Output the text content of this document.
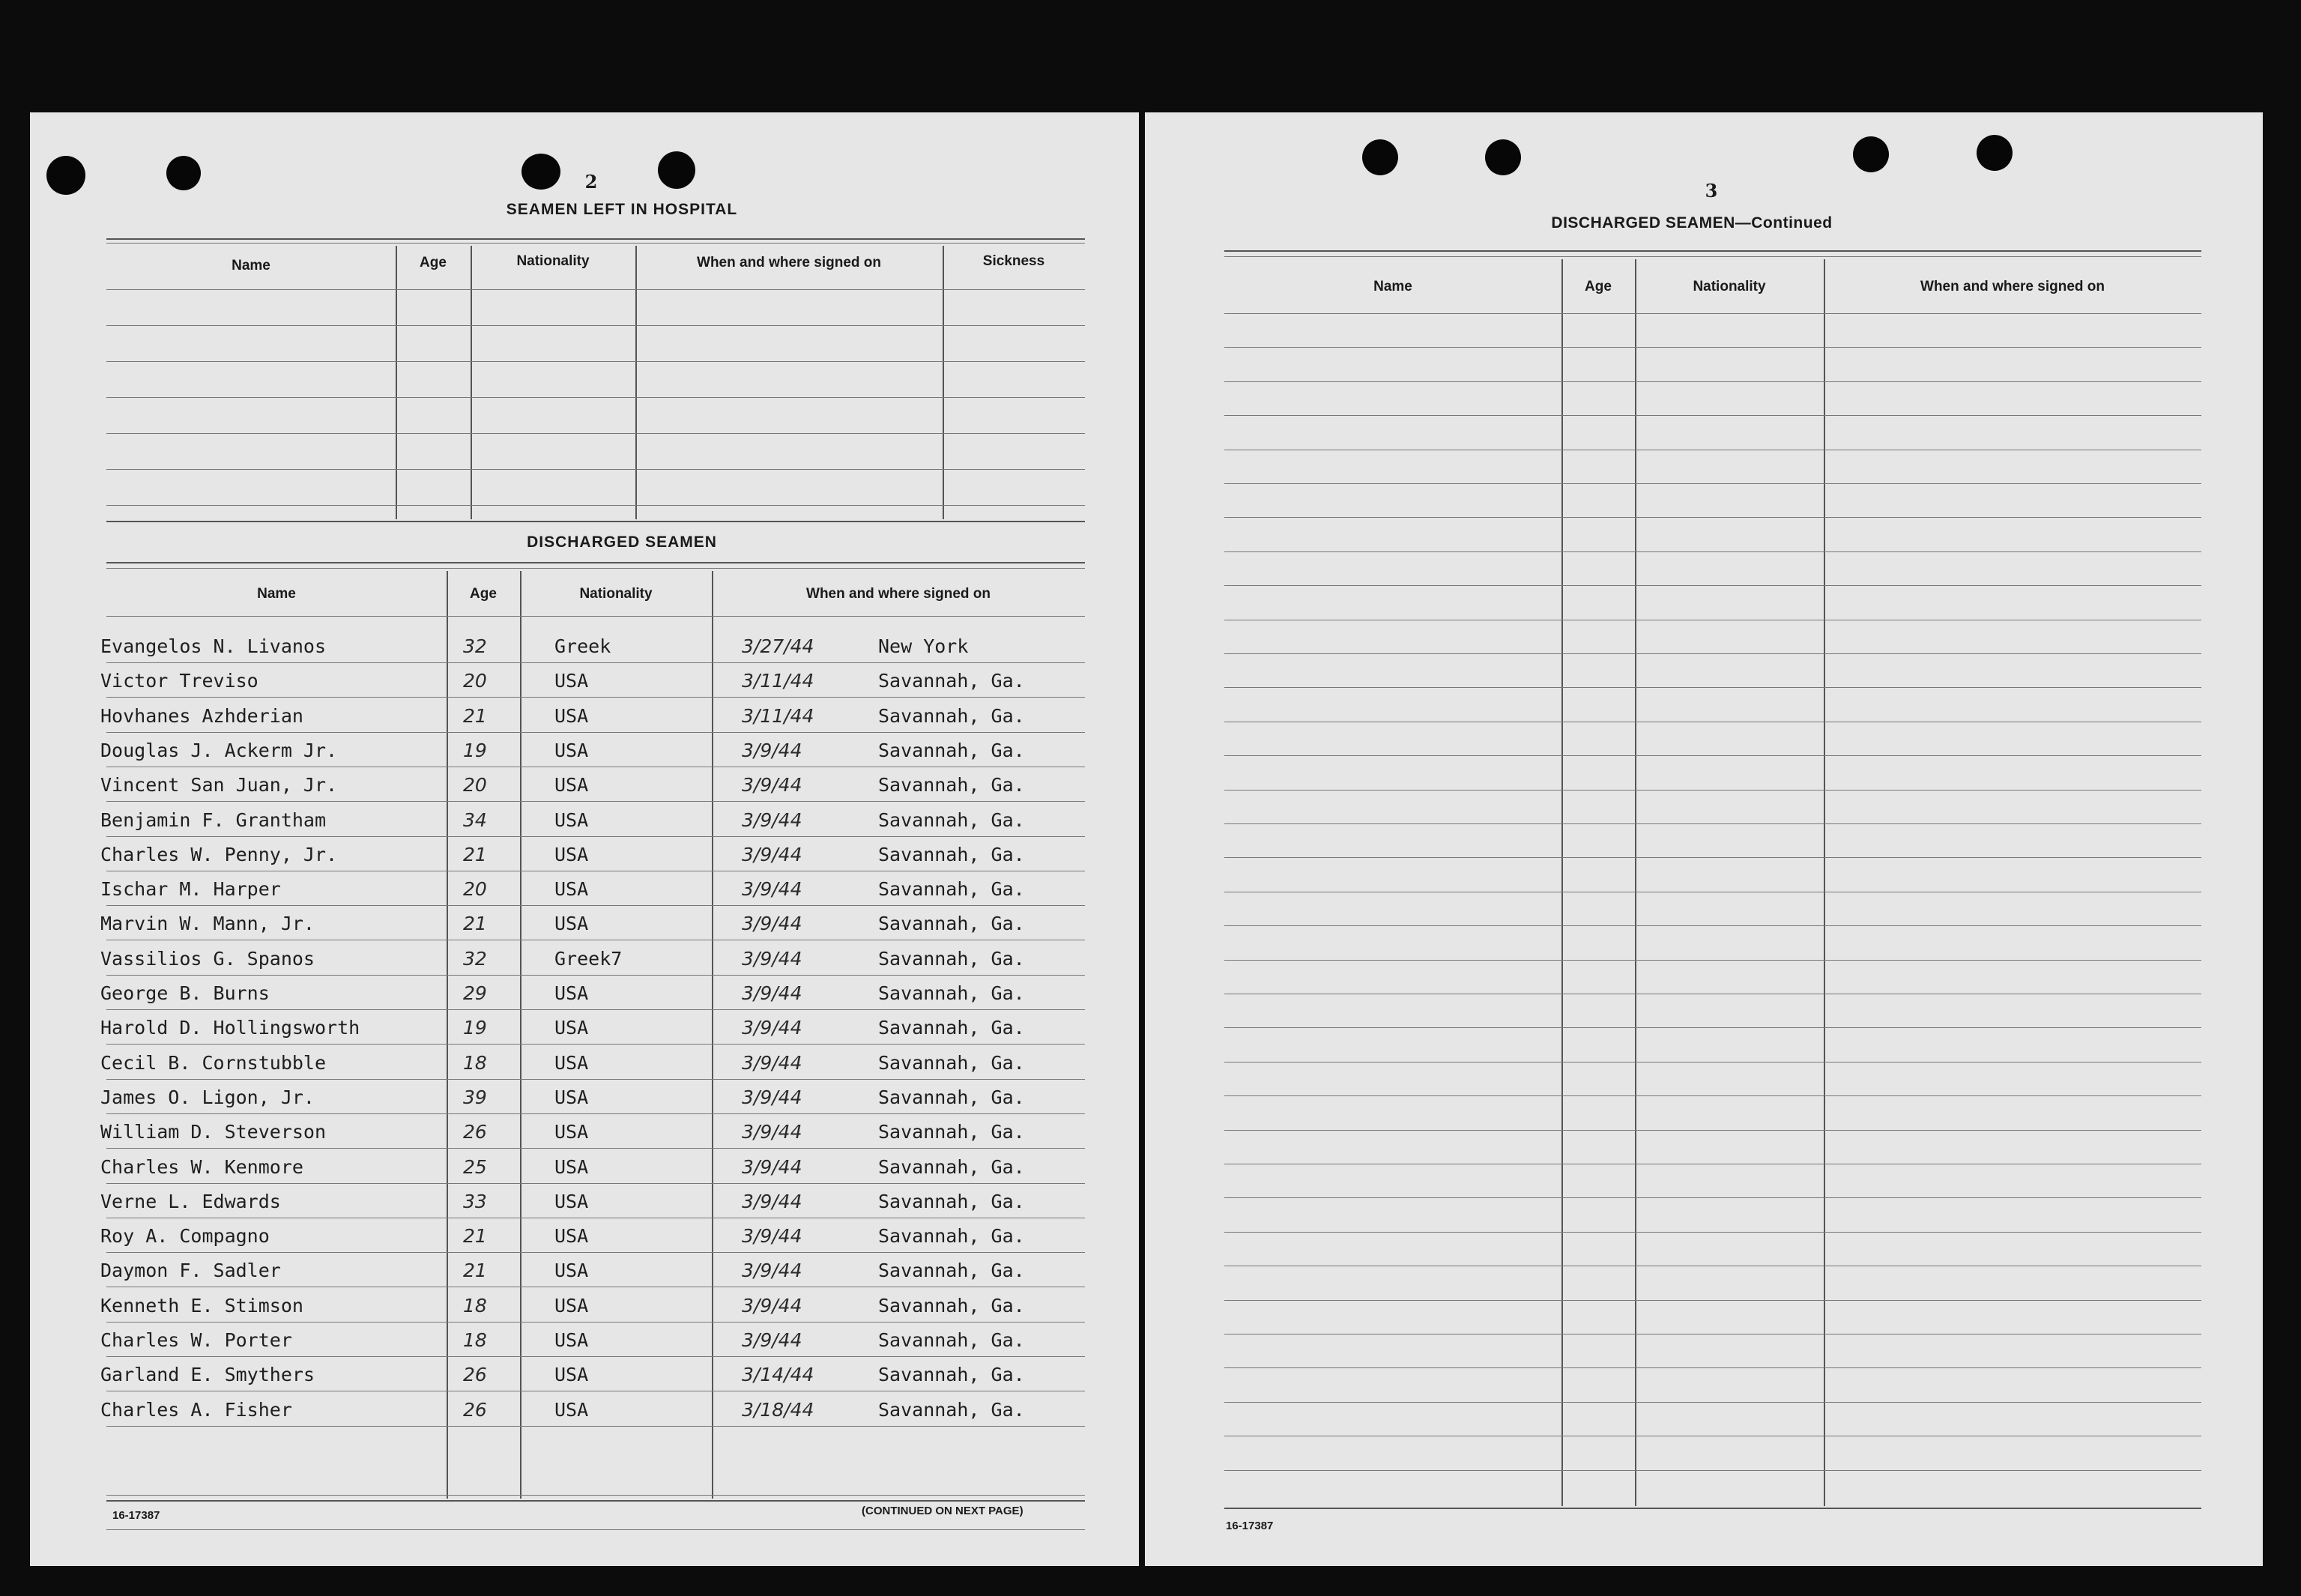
2
SEAMEN LEFT IN HOSPITAL
Name	Age	Nationality	When and where signed on	Sickness
DISCHARGED SEAMEN
Name	Age	Nationality	When and where signed on
Evangelos N. Livanos	32	Greek	3/27/44	New York
Victor Treviso	20	USA	3/11/44	Savannah, Ga.
Hovhanes Azhderian	21	USA	3/11/44	Savannah, Ga.
Douglas J. Ackerm Jr.	19	USA	3/9/44	Savannah, Ga.
Vincent San Juan, Jr.	20	USA	3/9/44	Savannah, Ga.
Benjamin F. Grantham	34	USA	3/9/44	Savannah, Ga.
Charles W. Penny, Jr.	21	USA	3/9/44	Savannah, Ga.
Ischar M. Harper	20	USA	3/9/44	Savannah, Ga.
Marvin W. Mann, Jr.	21	USA	3/9/44	Savannah, Ga.
Vassilios G. Spanos	32	Greek7	3/9/44	Savannah, Ga.
George B. Burns	29	USA	3/9/44	Savannah, Ga.
Harold D. Hollingsworth	19	USA	3/9/44	Savannah, Ga.
Cecil B. Cornstubble	18	USA	3/9/44	Savannah, Ga.
James O. Ligon, Jr.	39	USA	3/9/44	Savannah, Ga.
William D. Steverson	26	USA	3/9/44	Savannah, Ga.
Charles W. Kenmore	25	USA	3/9/44	Savannah, Ga.
Verne L. Edwards	33	USA	3/9/44	Savannah, Ga.
Roy A. Compagno	21	USA	3/9/44	Savannah, Ga.
Daymon F. Sadler	21	USA	3/9/44	Savannah, Ga.
Kenneth E. Stimson	18	USA	3/9/44	Savannah, Ga.
Charles W. Porter	18	USA	3/9/44	Savannah, Ga.
Garland E. Smythers	26	USA	3/14/44	Savannah, Ga.
Charles A. Fisher	26	USA	3/18/44	Savannah, Ga.
16-17387	(CONTINUED ON NEXT PAGE)
3
DISCHARGED SEAMEN—Continued
Name	Age	Nationality	When and where signed on
16-17387
